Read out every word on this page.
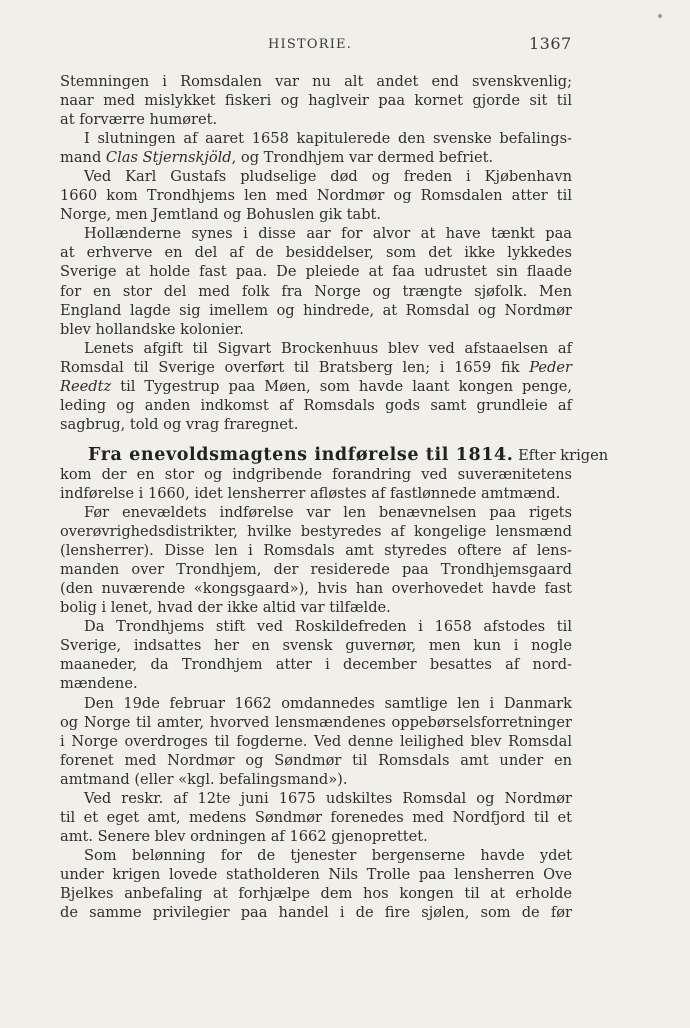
HISTORIE.	1367

Stemningen i Romsdalen var nu alt andet end svenskvenlig;
naar med mislykket fiskeri og haglveir paa kornet gjorde sit til
at forværre humøret.

I slutningen af aaret 1658 kapitulerede den svenske befalings-
mand Clas Stjernskjöld, og Trondhjem var dermed befriet.

Ved Karl Gustafs pludselige død og freden i Kjøbenhavn
1660 kom Trondhjems len med Nordmør og Romsdalen atter til
Norge, men Jemtland og Bohuslen gik tabt.

Hollænderne synes i disse aar for alvor at have tænkt paa
at erhverve en del af de besiddelser, som det ikke lykkedes
Sverige at holde fast paa. De pleiede at faa udrustet sin flaade
for en stor del med folk fra Norge og trængte sjøfolk. Men
England lagde sig imellem og hindrede, at Romsdal og Nordmør
blev hollandske kolonier.

Lenets afgift til Sigvart Brockenhuus blev ved afstaaelsen af
Romsdal til Sverige overført til Bratsberg len; i 1659 fik Peder
Reedtz til Tygestrup paa Møen, som havde laant kongen penge,
leding og anden indkomst af Romsdals gods samt grundleie af
sagbrug, told og vrag fraregnet.

Fra enevoldsmagtens indførelse til 1814. Efter krigen
kom der en stor og indgribende forandring ved suverænitetens
indførelse i 1660, idet lensherrer afløstes af fastlønnede amtmænd.

Før enevældets indførelse var len benævnelsen paa rigets
overøvrighedsdistrikter, hvilke bestyredes af kongelige lensmænd
(lensherrer). Disse len i Romsdals amt styredes oftere af lens-
manden over Trondhjem, der residerede paa Trondhjemsgaard
(den nuværende «kongsgaard»), hvis han overhovedet havde fast
bolig i lenet, hvad der ikke altid var tilfælde.

Da Trondhjems stift ved Roskildefreden i 1658 afstodes til
Sverige, indsattes her en svensk guvernør, men kun i nogle
maaneder, da Trondhjem atter i december besattes af nord-
mændene.

Den 19de februar 1662 omdannedes samtlige len i Danmark
og Norge til amter, hvorved lensmændenes oppebørselsforretninger
i Norge overdroges til fogderne. Ved denne leilighed blev Romsdal
forenet med Nordmør og Søndmør til Romsdals amt under en
amtmand (eller «kgl. befalingsmand»).

Ved reskr. af 12te juni 1675 udskiltes Romsdal og Nordmør
til et eget amt, medens Søndmør forenedes med Nordfjord til et
amt. Senere blev ordningen af 1662 gjenoprettet.

Som belønning for de tjenester bergenserne havde ydet
under krigen lovede statholderen Nils Trolle paa lensherren Ove
Bjelkes anbefaling at forhjælpe dem hos kongen til at erholde
de samme privilegier paa handel i de fire sjølen, som de før
